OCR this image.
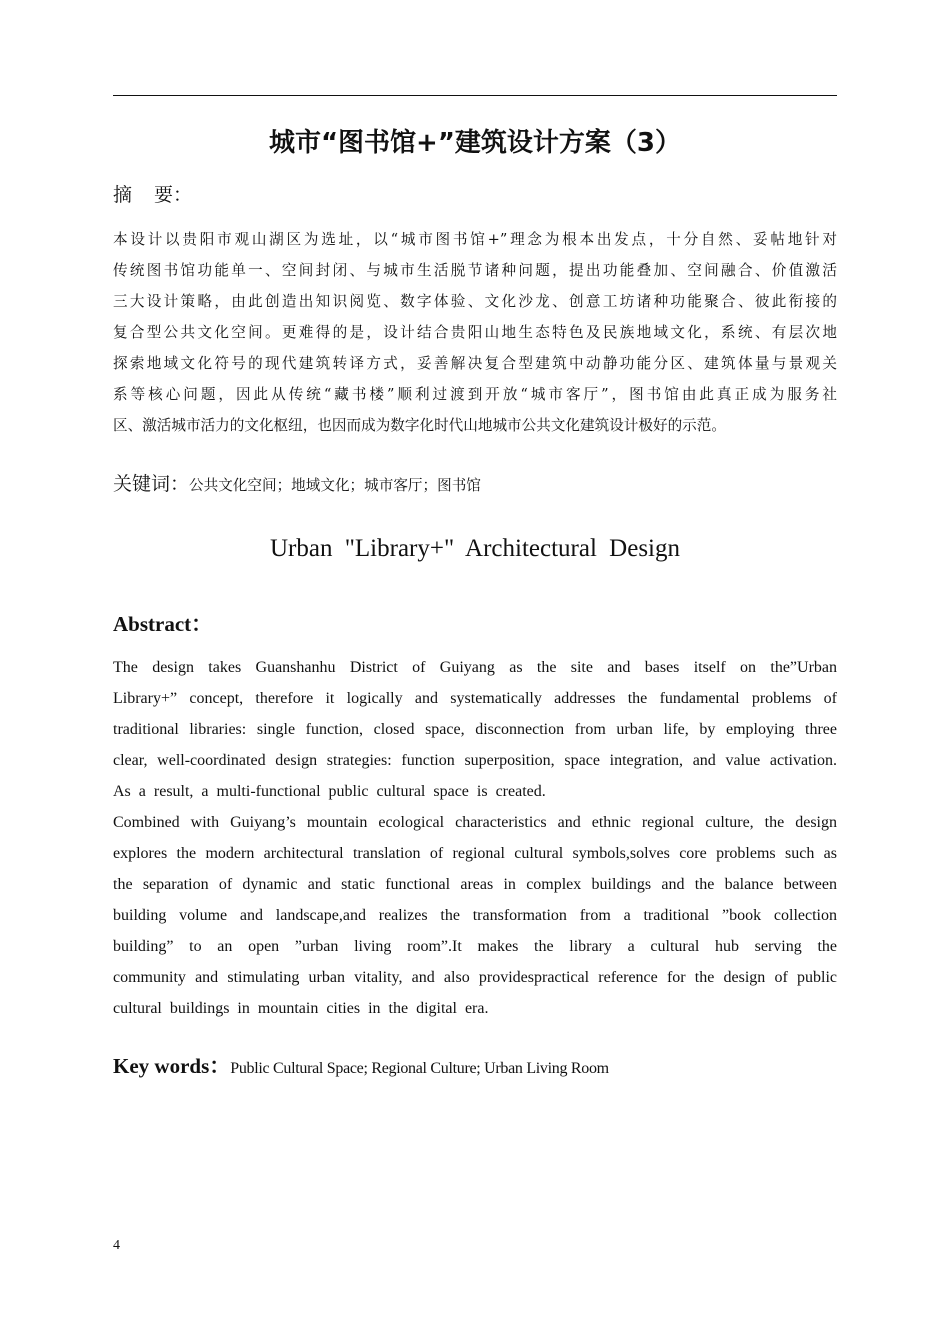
城市“图书馆+”建筑设计方案（3）
摘 要：
本设计以贵阳市观山湖区为选址，以“城市图书馆+”理念为根本出发点，十分自然、妥帖地针对
传统图书馆功能单一、空间封闭、与城市生活脱节诸种问题，提出功能叠加、空间融合、价值激活
三大设计策略，由此创造出知识阅览、数字体验、文化沙龙、创意工坊诸种功能聚合、彼此衔接的
复合型公共文化空间。更难得的是，设计结合贵阳山地生态特色及民族地域文化，系统、有层次地
探索地域文化符号的现代建筑转译方式，妥善解决复合型建筑中动静功能分区、建筑体量与景观关
系等核心问题，因此从传统“藏书楼”顺利过渡到开放“城市客厅”，图书馆由此真正成为服务社
区、激活城市活力的文化枢纽，也因而成为数字化时代山地城市公共文化建筑设计极好的示范。
关键词：公共文化空间；地域文化；城市客厅；图书馆
Urban "Library+" Architectural Design
Abstract：
The design takes Guanshanhu District of Guiyang as the site and bases itself on the”Urban
Library+” concept, therefore it logically and systematically addresses the fundamental problems of
traditional libraries: single function, closed space, disconnection from urban life, by employing three
clear, well-coordinated design strategies: function superposition, space integration, and value activation.
As a result, a multi-functional public cultural space is created.
Combined with Guiyang’s mountain ecological characteristics and ethnic regional culture, the design
explores the modern architectural translation of regional cultural symbols,solves core problems such as
the separation of dynamic and static functional areas in complex buildings and the balance between
building volume and landscape,and realizes the transformation from a traditional ”book collection
building” to an open ”urban living room”.It makes the library a cultural hub serving the
community and stimulating urban vitality, and also providespractical reference for the design of public
cultural buildings in mountain cities in the digital era.
Key words：Public Cultural Space; Regional Culture; Urban Living Room
4
